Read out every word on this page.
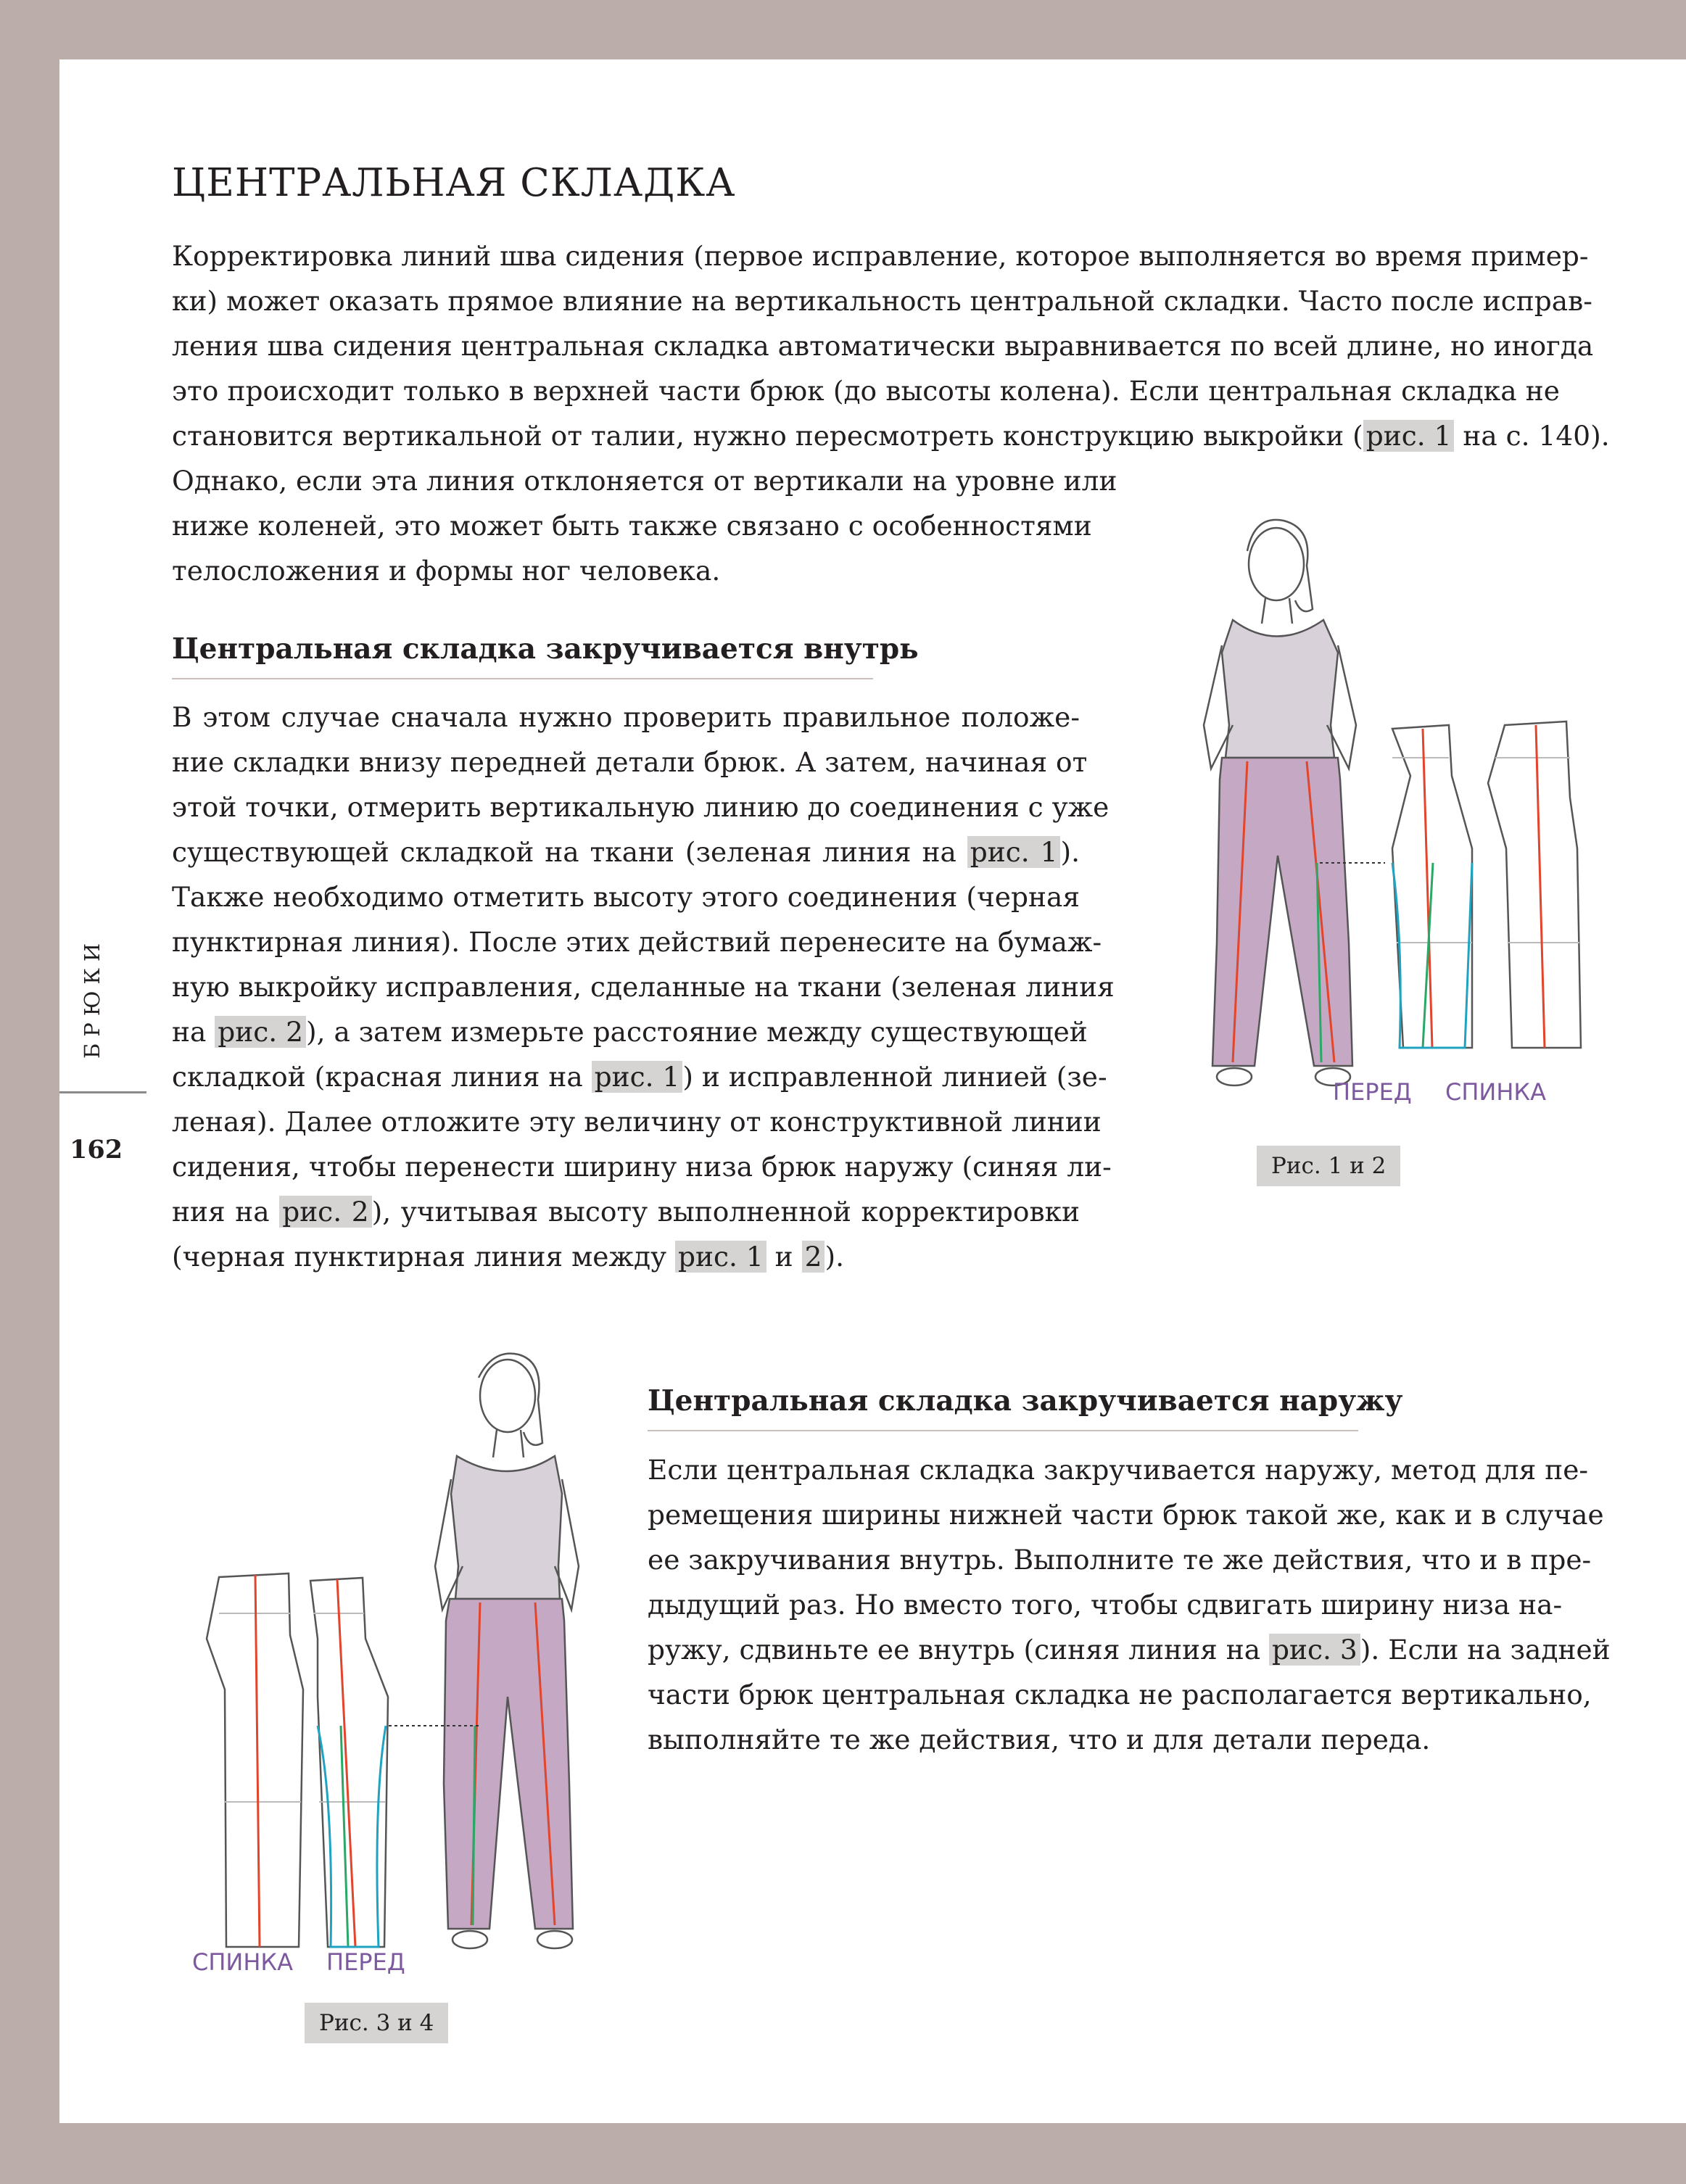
ЦЕНТРАЛЬНАЯ СКЛАДКА
Корректировка линий шва сидения (первое исправление, которое выполняется во время пример-
ки) может оказать прямое влияние на вертикальность центральной складки. Часто после исправ-
ления шва сидения центральная складка автоматически выравнивается по всей длине, но иногда
это происходит только в верхней части брюк (до высоты колена). Если центральная складка не
становится вертикальной от талии, нужно пересмотреть конструкцию выкройки ( рис. 1 на с. 140).
Однако, если эта линия отклоняется от вертикали на уровне или
ниже коленей, это может быть также связано с особенностями
телосложения и формы ног человека.
Центральная складка закручивается внутрь
В этом случае сначала нужно проверить правильное положе-
ние складки внизу передней детали брюк. А затем, начиная от
этой точки, отмерить вертикальную линию до соединения с уже
существующей складкой на ткани (зеленая линия на рис. 1 ).
Также необходимо отметить высоту этого соединения (черная
пунктирная линия). После этих действий перенесите на бумаж-
ную выкройку исправления, сделанные на ткани (зеленая линия
на рис. 2 ), а затем измерьте расстояние между существующей
складкой (красная линия на рис. 1 ) и исправленной линией (зе-
леная). Далее отложите эту величину от конструктивной линии
сидения, чтобы перенести ширину низа брюк наружу (синяя ли-
ния на рис. 2 ), учитывая высоту выполненной корректировки
(черная пунктирная линия между рис. 1 и 2 ).
Центральная складка закручивается наружу
Если центральная складка закручивается наружу, метод для пе-
ремещения ширины нижней части брюк такой же, как и в случае
ее закручивания внутрь. Выполните те же действия, что и в пре-
дыдущий раз. Но вместо того, чтобы сдвигать ширину низа на-
ружу, сдвиньте ее внутрь (синяя линия на рис. 3 ). Если на задней
части брюк центральная складка не располагается вертикально,
выполняйте те же действия, что и для детали переда.
БРЮКИ
162
ПЕРЕД СПИНКА
Рис. 1 и 2
СПИНКА ПЕРЕД
Рис. 3 и 4
